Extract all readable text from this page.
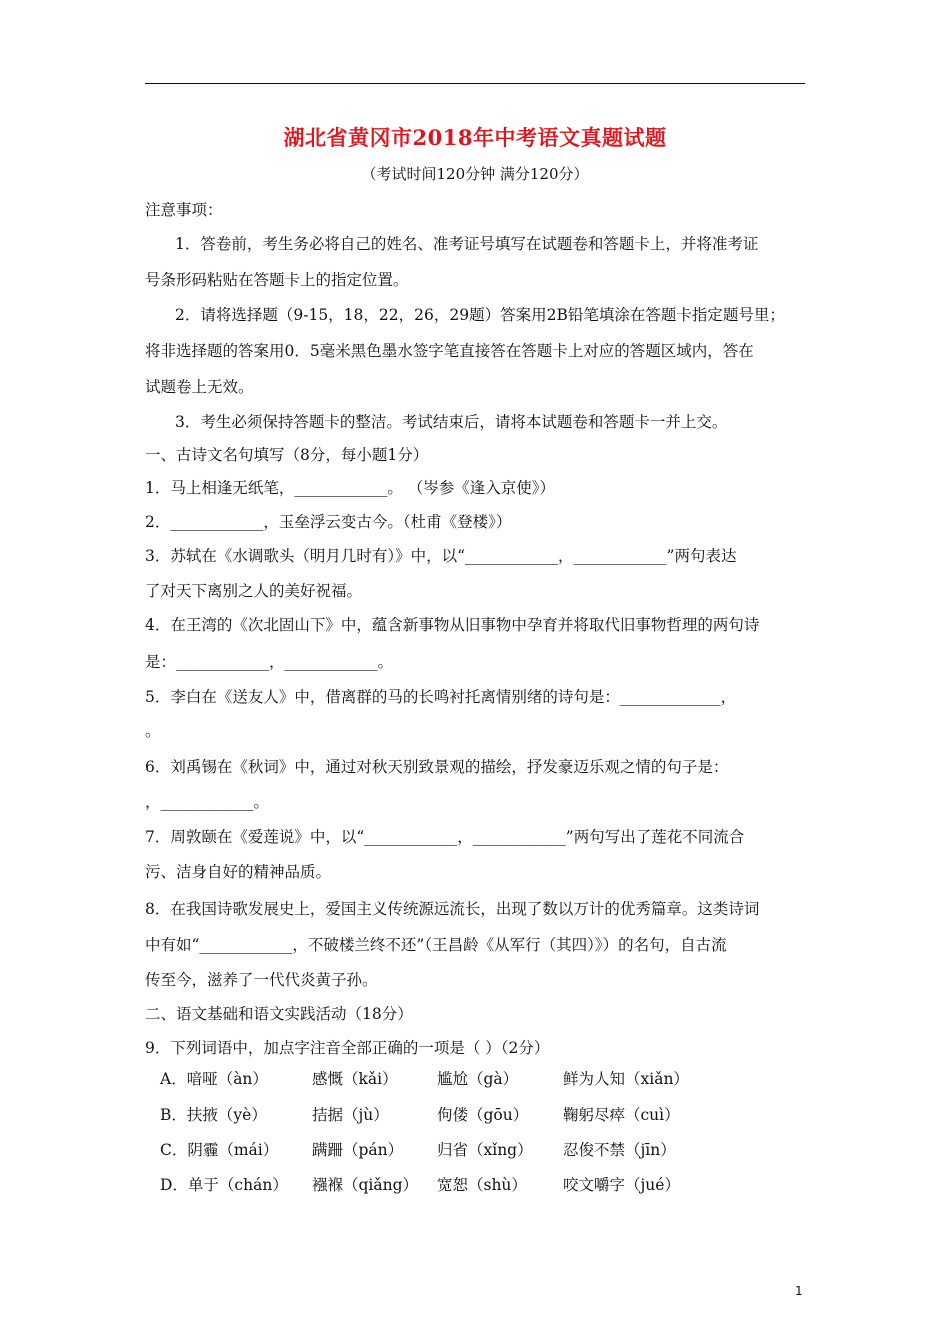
湖北省黄冈市2018年中考语文真题试题
（考试时间120分钟 满分120分）
注意事项：
1．答卷前，考生务必将自己的姓名、准考证号填写在试题卷和答题卡上，并将准考证
号条形码粘贴在答题卡上的指定位置。
2．请将选择题（9-15，18，22，26，29题）答案用2B铅笔填涂在答题卡指定题号里；
将非选择题的答案用0．5毫米黑色墨水签字笔直接答在答题卡上对应的答题区域内，答在
试题卷上无效。
3．考生必须保持答题卡的整洁。考试结束后，请将本试题卷和答题卡一并上交。
一、古诗文名句填写（8分，每小题1分）
1．马上相逢无纸笔，____________。 （岑参《逢入京使》）
2．____________，玉垒浮云变古今。（杜甫《登楼》）
3．苏轼在《水调歌头（明月几时有）》中，以“____________，____________”两句表达
了对天下离别之人的美好祝福。
4．在王湾的《次北固山下》中，蕴含新事物从旧事物中孕育并将取代旧事物哲理的两句诗
是：____________，____________。
5．李白在《送友人》中，借离群的马的长鸣衬托离情别绪的诗句是：_____________，
。
6．刘禹锡在《秋词》中，通过对秋天别致景观的描绘，抒发豪迈乐观之情的句子是：
，____________。
7．周敦颐在《爱莲说》中，以“____________，____________”两句写出了莲花不同流合
污、洁身自好的精神品质。
8．在我国诗歌发展史上，爱国主义传统源远流长，出现了数以万计的优秀篇章。这类诗词
中有如“____________，不破楼兰终不还”（王昌龄《从军行（其四）》）的名句，自古流
传至今，滋养了一代代炎黄子孙。
二、语文基础和语文实践活动（18分）
9．下列词语中，加点字注音全部正确的一项是（ ）（2分）
A．喑哑（àn）	感慨（kǎi）	尴尬（gà）	鲜为人知（xiǎn）
B．扶掖（yè）	拮据（jù）	佝偻（gōu） 鞠躬尽瘁（cuì）
C．阴霾（mái） 蹒跚（pán） 归省（xǐng） 忍俊不禁（jīn）
D．单于（chán） 襁褓（qiǎng） 宽恕（shù） 咬文嚼字（jué）
1
